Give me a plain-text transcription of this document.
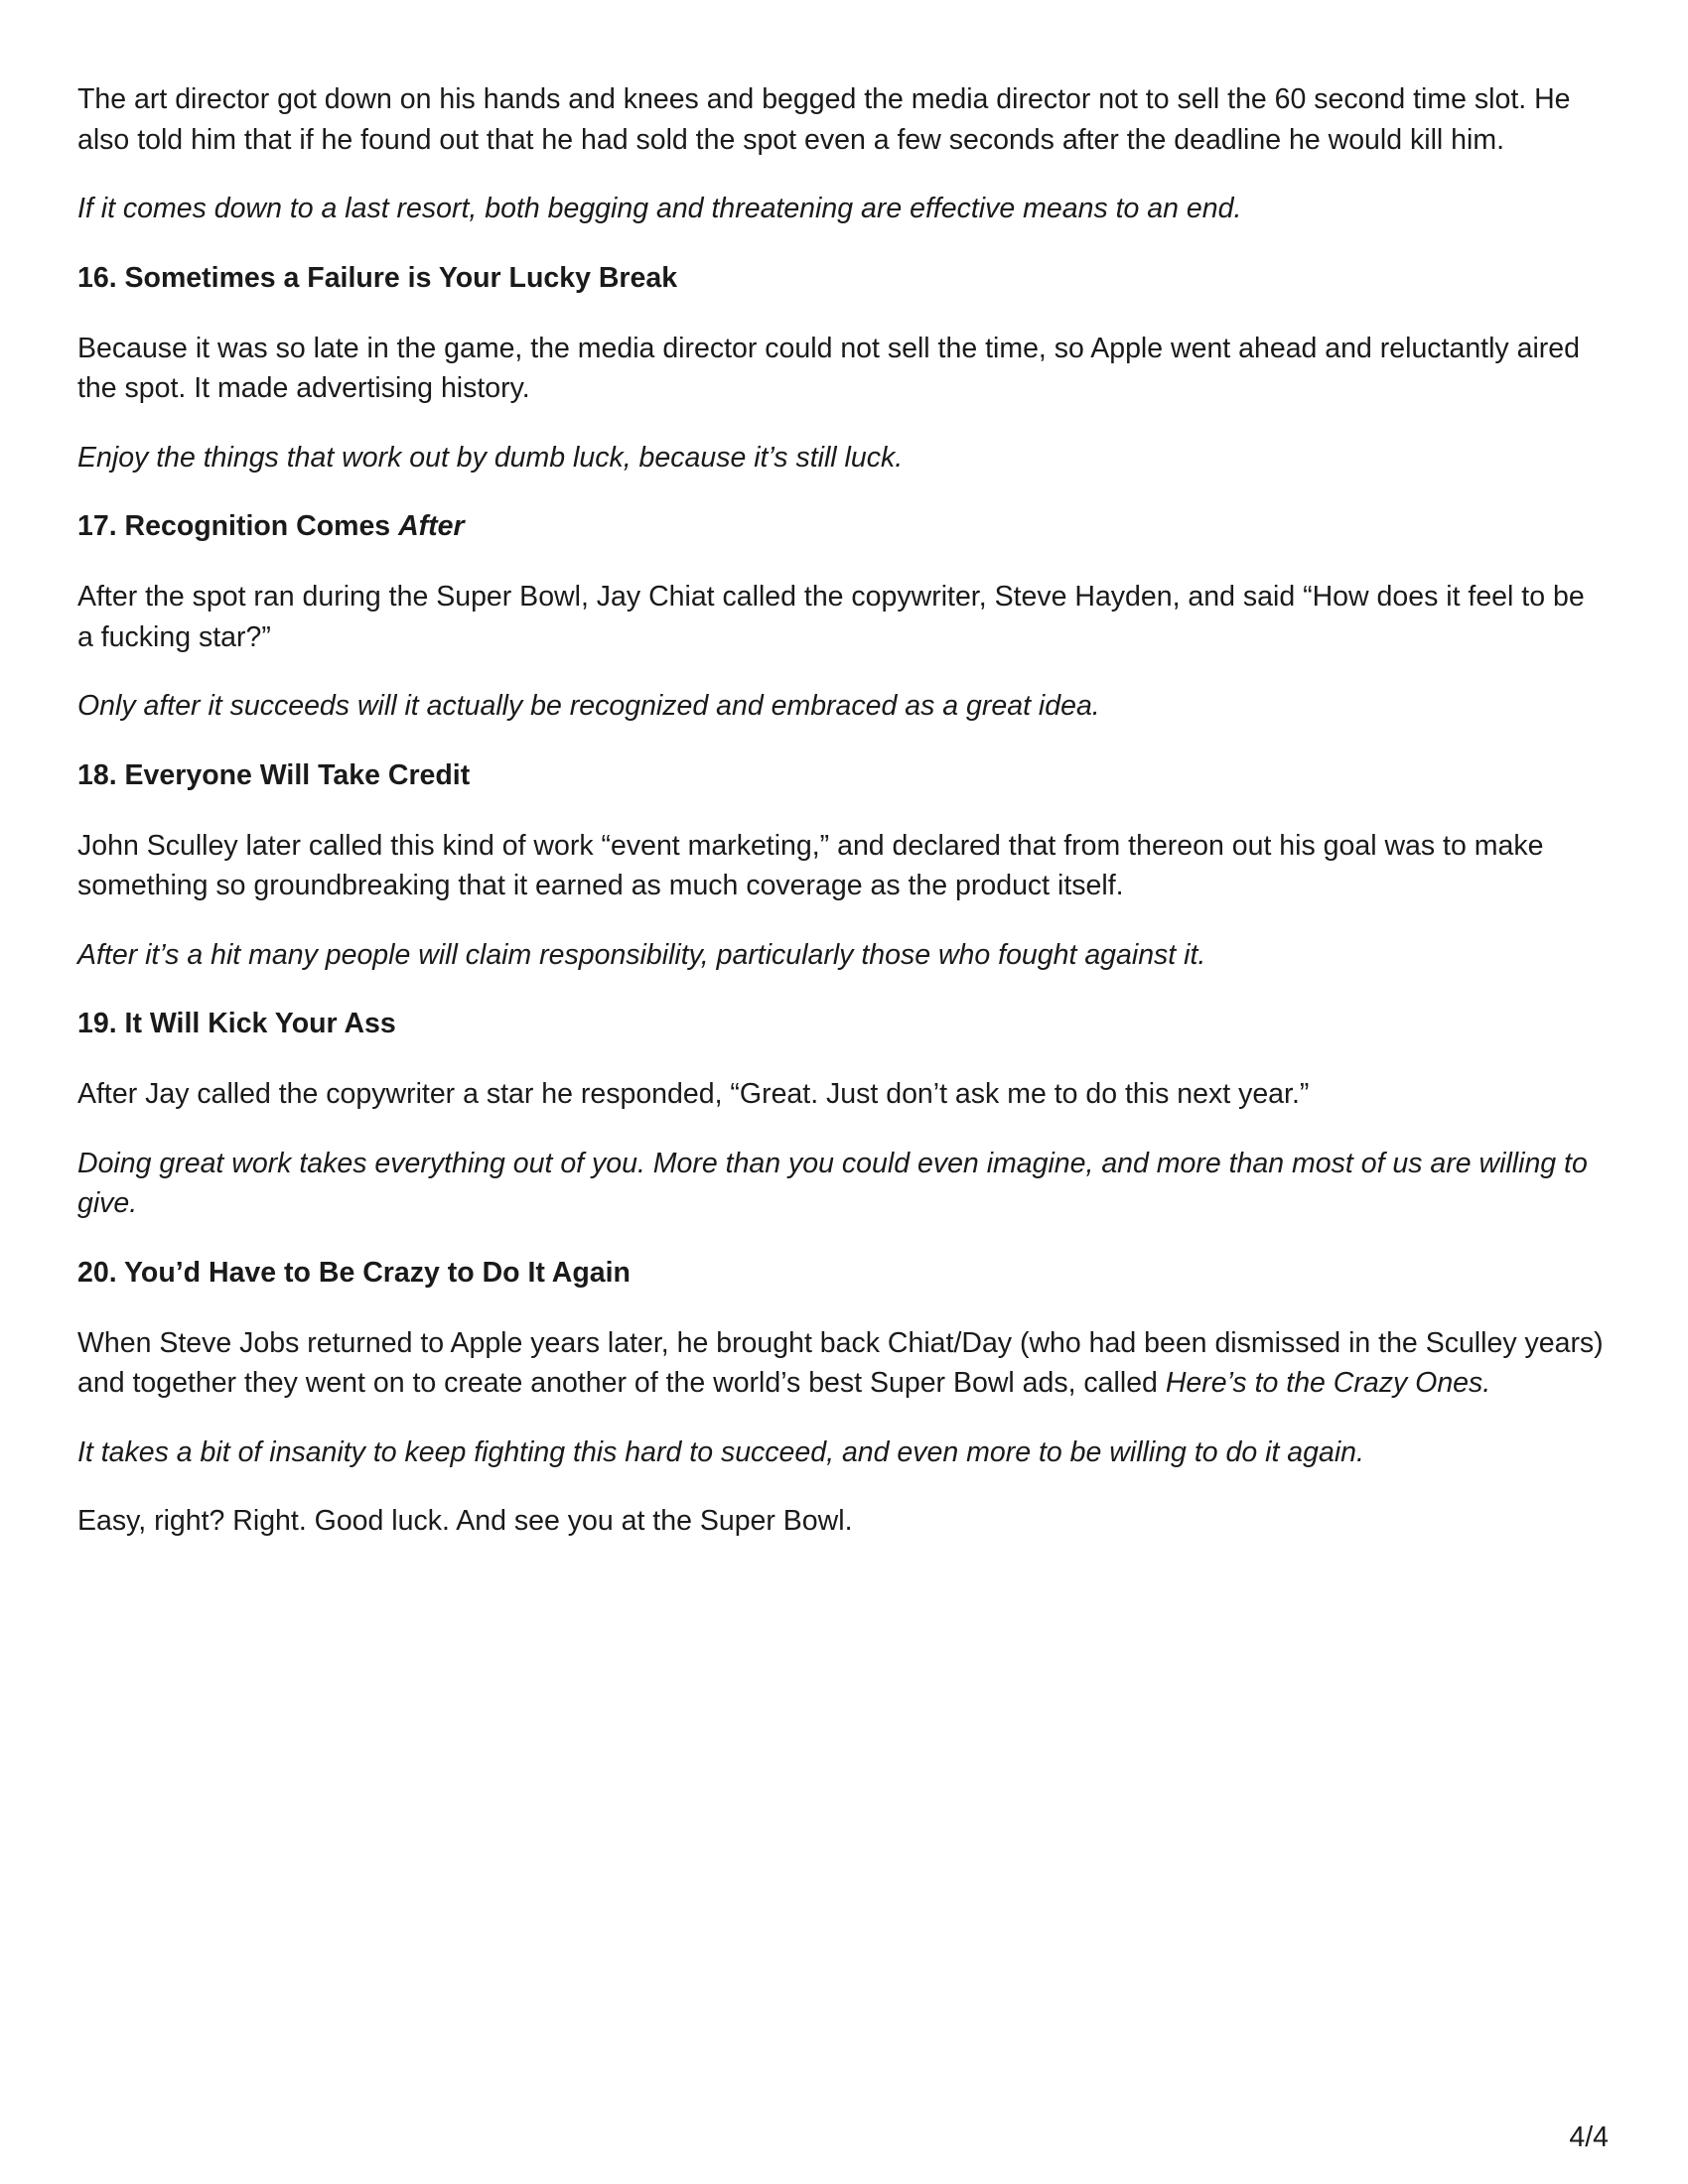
The art director got down on his hands and knees and begged the media director not to sell the 60 second time slot. He also told him that if he found out that he had sold the spot even a few seconds after the deadline he would kill him.

If it comes down to a last resort, both begging and threatening are effective means to an end.

16. Sometimes a Failure is Your Lucky Break

Because it was so late in the game, the media director could not sell the time, so Apple went ahead and reluctantly aired the spot. It made advertising history.

Enjoy the things that work out by dumb luck, because it’s still luck.

17. Recognition Comes After

After the spot ran during the Super Bowl, Jay Chiat called the copywriter, Steve Hayden, and said “How does it feel to be a fucking star?”

Only after it succeeds will it actually be recognized and embraced as a great idea.

18. Everyone Will Take Credit

John Sculley later called this kind of work “event marketing,” and declared that from thereon out his goal was to make something so groundbreaking that it earned as much coverage as the product itself.

After it’s a hit many people will claim responsibility, particularly those who fought against it.

19. It Will Kick Your Ass

After Jay called the copywriter a star he responded, “Great. Just don’t ask me to do this next year.”

Doing great work takes everything out of you. More than you could even imagine, and more than most of us are willing to give.

20. You’d Have to Be Crazy to Do It Again

When Steve Jobs returned to Apple years later, he brought back Chiat/Day (who had been dismissed in the Sculley years) and together they went on to create another of the world’s best Super Bowl ads, called Here’s to the Crazy Ones.

It takes a bit of insanity to keep fighting this hard to succeed, and even more to be willing to do it again.

Easy, right? Right. Good luck. And see you at the Super Bowl.

4/4
